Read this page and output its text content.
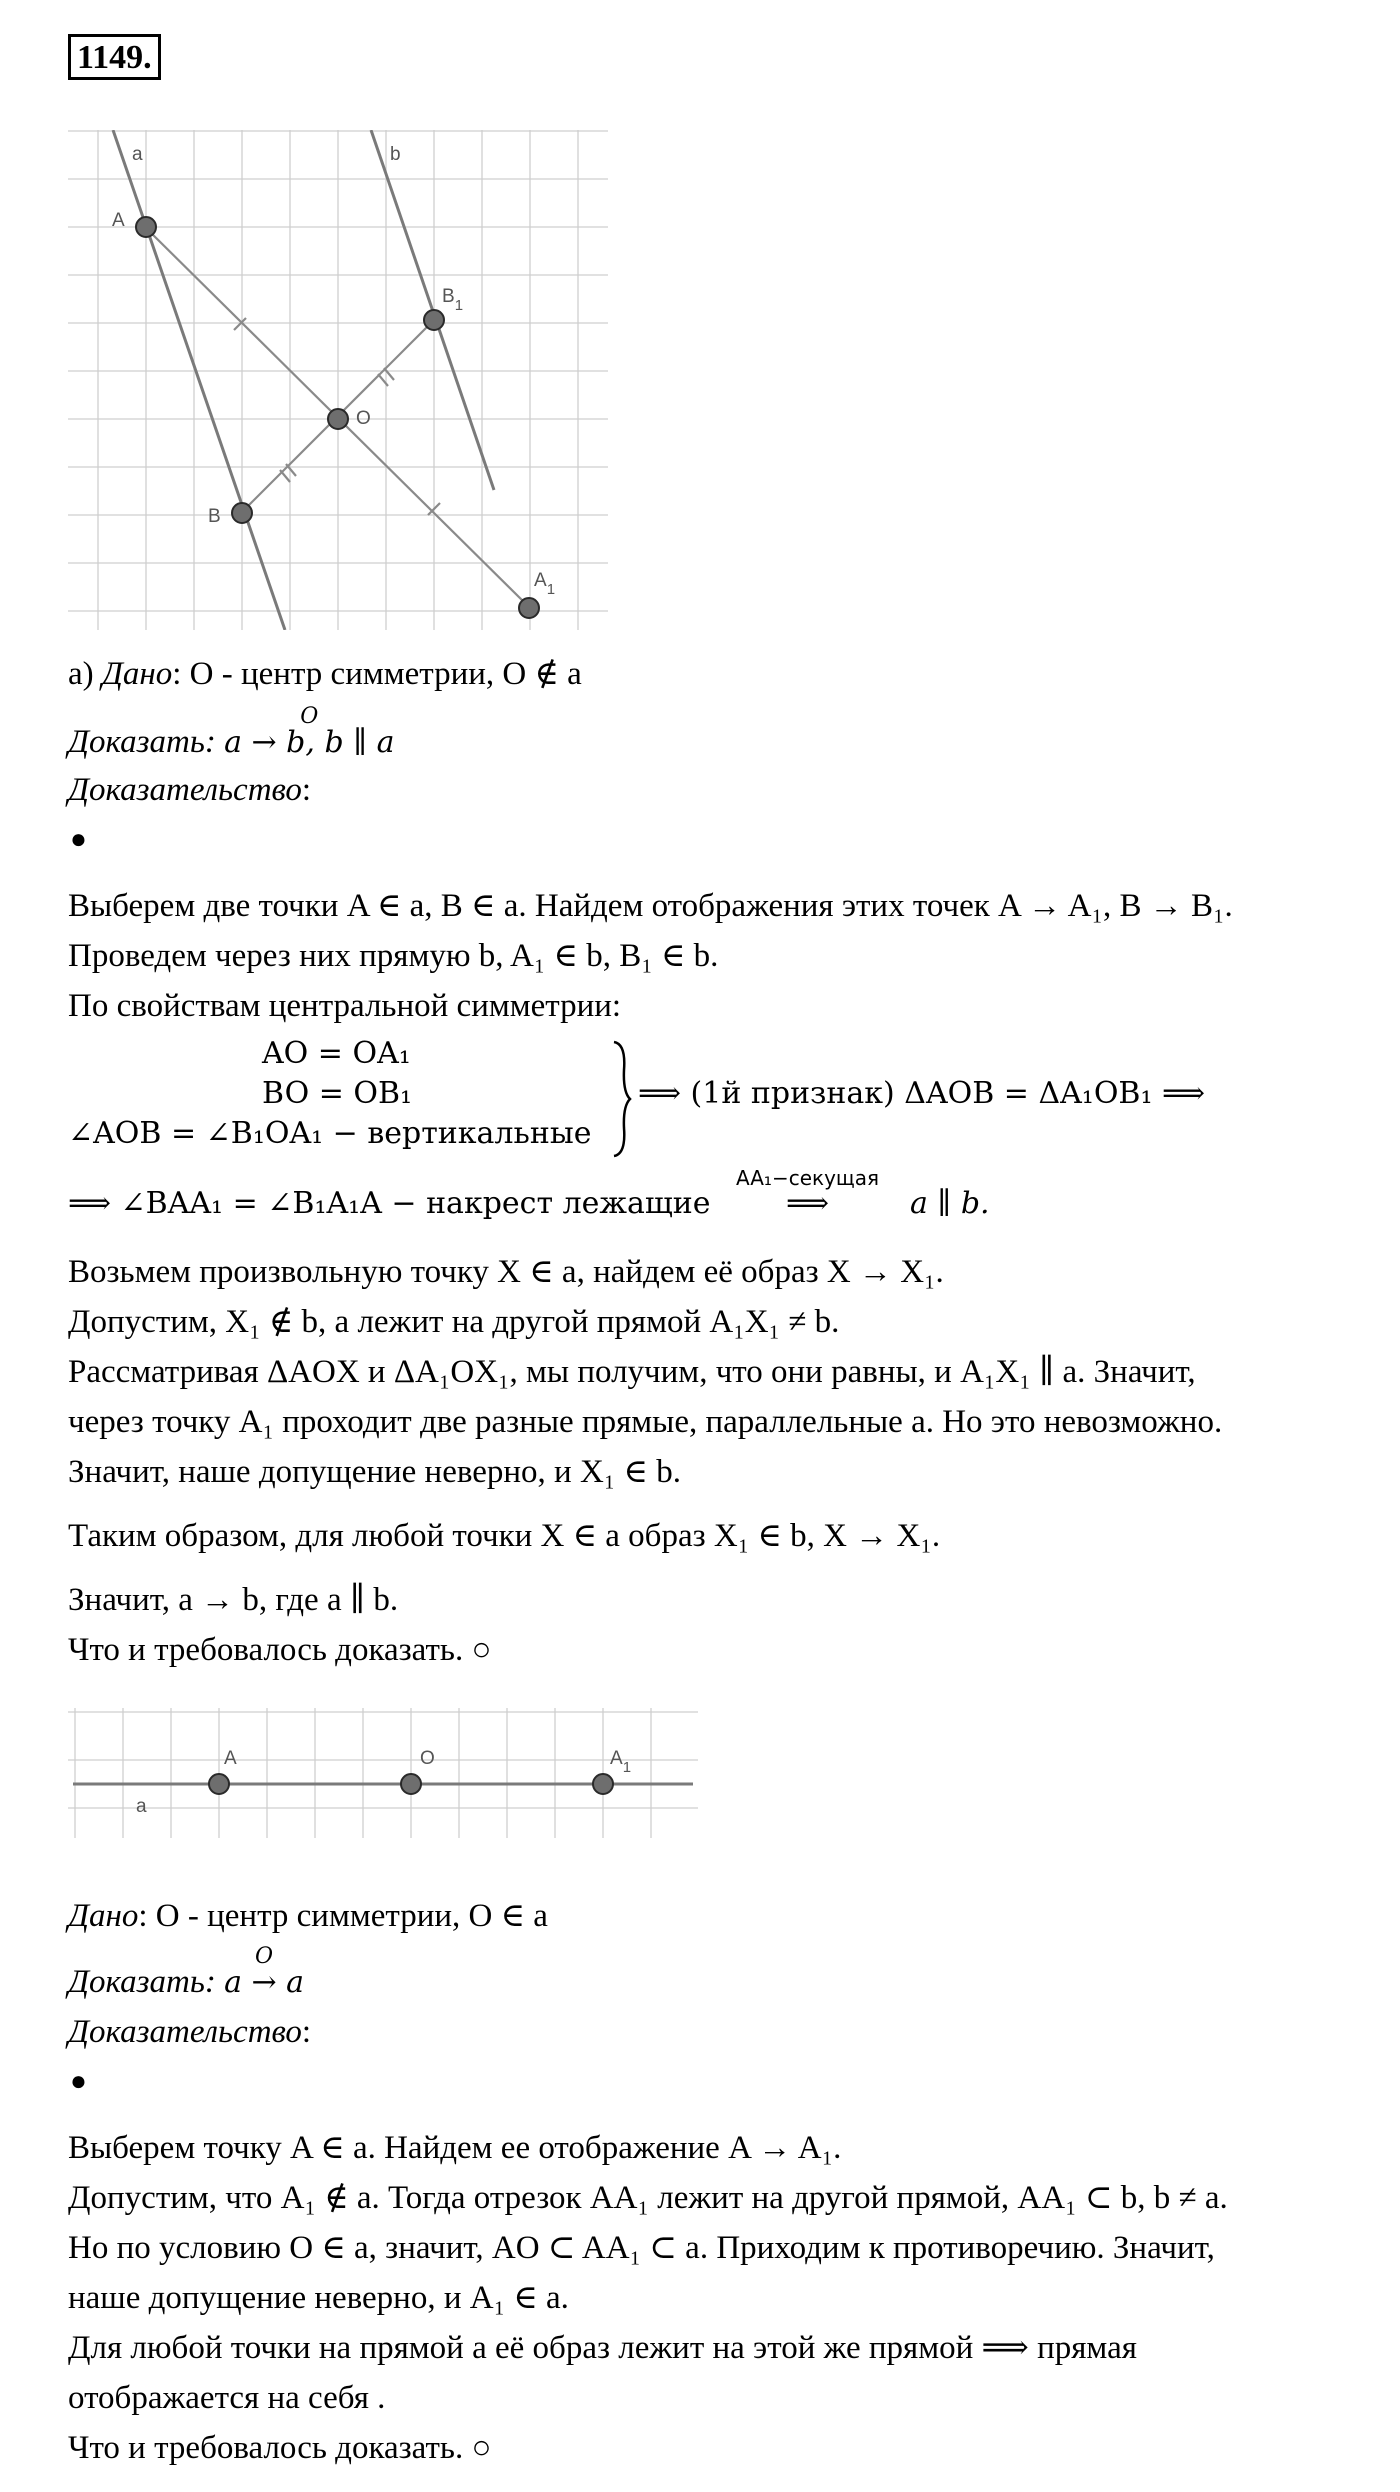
1149.
a	b
A
B
O
$B_1$
$A_1$
а) Дано: O - центр симметрии, O ∉ a
Доказать:
O
a → b, b ∥ a
Доказательство:
●
Выберем две точки A ∈ a, B ∈ a. Найдем отображения этих точек A → A₁, B → B₁.
Проведем через них прямую b, A₁ ∈ b, B₁ ∈ b.
По свойствам центральной симметрии:
AO = OA₁
BO = OB₁
∠AOB = ∠B₁OA₁ − вертикальные
⟹ (1й признак) ΔAOB = ΔA₁OB₁ ⟹
⟹ ∠BAA₁ = ∠B₁A₁A − накрест лежащие
AA₁−секущая
⟹	a ∥ b.
Возьмем произвольную точку X ∈ a, найдем её образ X → X₁.
Допустим, X₁ ∉ b, а лежит на другой прямой A₁X₁ ≠ b.
Рассматривая ΔAOX и ΔA₁OX₁, мы получим, что они равны, и A₁X₁ ∥ a. Значит,
через точку A₁ проходит две разные прямые, параллельные a. Но это невозможно.
Значит, наше допущение неверно, и X₁ ∈ b.
Таким образом, для любой точки X ∈ a образ X₁ ∈ b, X → X₁.
Значит, a → b, где a ∥ b.
Что и требовалось доказать. ○
a
A	O	$A_1$
Дано: O - центр симметрии, O ∈ a
Доказать:
O
a → a
Доказательство:
●
Выберем точку A ∈ a. Найдем ее отображение A → A₁.
Допустим, что A₁ ∉ a. Тогда отрезок AA₁ лежит на другой прямой, AA₁ ⊂ b, b ≠ a.
Но по условию O ∈ a, значит, AO ⊂ AA₁ ⊂ a. Приходим к противоречию. Значит,
наше допущение неверно, и A₁ ∈ a.
Для любой точки на прямой a её образ лежит на этой же прямой ⟹ прямая
отображается на себя .
Что и требовалось доказать. ○
